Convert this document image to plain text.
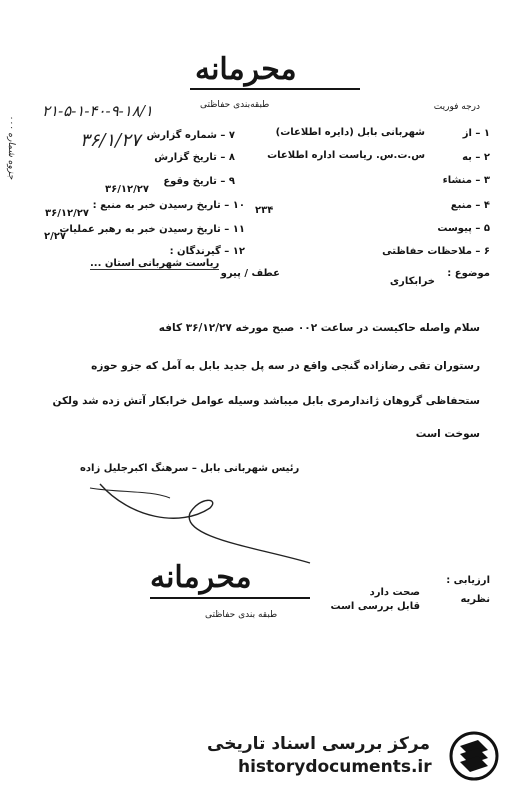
محرمانه
طبقه‌بندی حفاظتی	درجه فوریت
۲۱-۵-۱-۴۰-۹-۱۸/۱
جزوه شماره ۰۰۰	۷ – شماره گزارش
۸ – تاریخ گزارش
۳۶/۱/۲۷
۹ – تاریخ وقوع
۳۶/۱۲/۲۷
۱۰ – تاریخ رسیدن خبر به منبع :
۳۶/۱۲/۲۷
۱۱ – تاریخ رسیدن خبر به رهبر عملیات
۲/۲۷
۱۲ – گیرندگان :
ریاست شهربانی استان ...
۱ – از
شهربانی بابل (دایره اطلاعات)
۲ – به
س.ت.س. ریاست اداره اطلاعات
۳ – منشاء
۴ – منبع
۲۳۴
۵ – پیوست
۶ – ملاحظات حفاظتی
موضوع :
عطف / پیرو
خرابکاری
سلام واصله حاکیست در ساعت ۰۰۲ صبح مورخه ۳۶/۱۲/۲۷ کافه
رستوران تقی رضازاده گنجی واقع در سه پل جدید بابل به آمل که جزو حوزه
ستحفاظی گروهان ژاندارمری بابل میباشد وسیله عوامل خرابکار آتش زده شد ولکن
سوخت است
رئیس شهربانی بابل – سرهنگ اکبرجلیل زاده
محرمانه
طبقه بندی حفاظتی
ارزیابی :
صحت دارد
نظریه
قابل بررسی است
مرکز بررسی اسناد تاریخی
historydocuments.ir
